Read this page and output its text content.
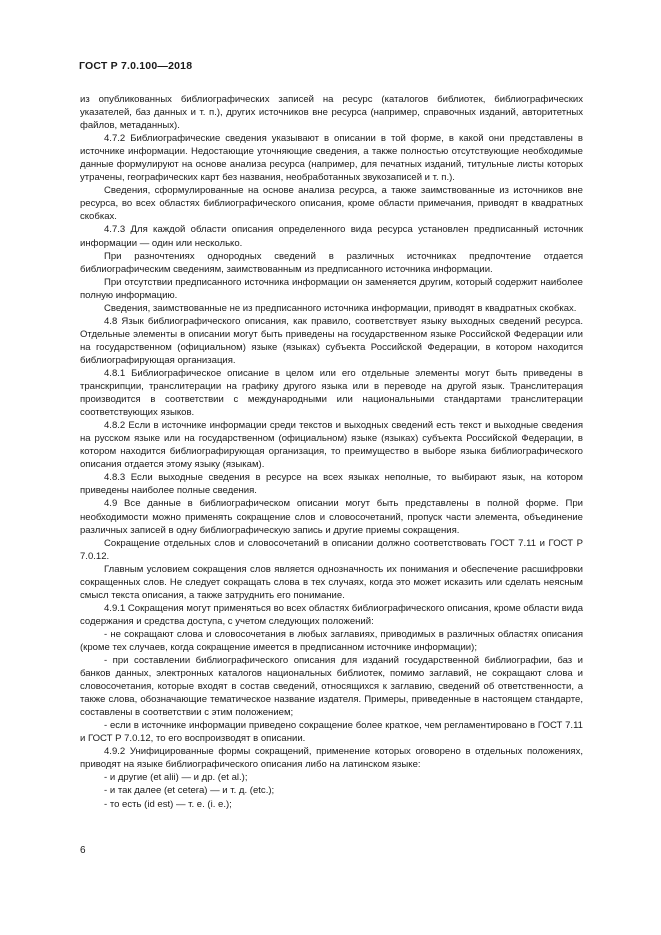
ГОСТ Р 7.0.100—2018

из опубликованных библиографических записей на ресурс (каталогов библиотек, библиографических указателей, баз данных и т. п.), других источников вне ресурса (например, справочных изданий, авторитетных файлов, метаданных).

4.7.2 Библиографические сведения указывают в описании в той форме, в какой они представлены в источнике информации. Недостающие уточняющие сведения, а также полностью отсутствующие необходимые данные формулируют на основе анализа ресурса (например, для печатных изданий, титульные листы которых утрачены, географических карт без названия, необработанных звукозаписей и т. п.).

Сведения, сформулированные на основе анализа ресурса, а также заимствованные из источников вне ресурса, во всех областях библиографического описания, кроме области примечания, приводят в квадратных скобках.

4.7.3 Для каждой области описания определенного вида ресурса установлен предписанный источник информации — один или несколько.

При разночтениях однородных сведений в различных источниках предпочтение отдается библиографическим сведениям, заимствованным из предписанного источника информации.

При отсутствии предписанного источника информации он заменяется другим, который содержит наиболее полную информацию.

Сведения, заимствованные не из предписанного источника информации, приводят в квадратных скобках.

4.8 Язык библиографического описания, как правило, соответствует языку выходных сведений ресурса. Отдельные элементы в описании могут быть приведены на государственном языке Российской Федерации или на государственном (официальном) языке (языках) субъекта Российской Федерации, в котором находится библиографирующая организация.

4.8.1 Библиографическое описание в целом или его отдельные элементы могут быть приведены в транскрипции, транслитерации на графику другого языка или в переводе на другой язык. Транслитерация производится в соответствии с международными или национальными стандартами транслитерации соответствующих языков.

4.8.2 Если в источнике информации среди текстов и выходных сведений есть текст и выходные сведения на русском языке или на государственном (официальном) языке (языках) субъекта Российской Федерации, в котором находится библиографирующая организация, то преимущество в выборе языка библиографического описания отдается этому языку (языкам).

4.8.3 Если выходные сведения в ресурсе на всех языках неполные, то выбирают язык, на котором приведены наиболее полные сведения.

4.9 Все данные в библиографическом описании могут быть представлены в полной форме. При необходимости можно применять сокращение слов и словосочетаний, пропуск части элемента, объединение различных записей в одну библиографическую запись и другие приемы сокращения.

Сокращение отдельных слов и словосочетаний в описании должно соответствовать ГОСТ 7.11 и ГОСТ Р 7.0.12.

Главным условием сокращения слов является однозначность их понимания и обеспечение расшифровки сокращенных слов. Не следует сокращать слова в тех случаях, когда это может исказить или сделать неясным смысл текста описания, а также затруднить его понимание.

4.9.1 Сокращения могут применяться во всех областях библиографического описания, кроме области вида содержания и средства доступа, с учетом следующих положений:

- не сокращают слова и словосочетания в любых заглавиях, приводимых в различных областях описания (кроме тех случаев, когда сокращение имеется в предписанном источнике информации);

- при составлении библиографического описания для изданий государственной библиографии, баз и банков данных, электронных каталогов национальных библиотек, помимо заглавий, не сокращают слова и словосочетания, которые входят в состав сведений, относящихся к заглавию, сведений об ответственности, а также слова, обозначающие тематическое название издателя. Примеры, приведенные в настоящем стандарте, составлены в соответствии с этим положением;

- если в источнике информации приведено сокращение более краткое, чем регламентировано в ГОСТ 7.11 и ГОСТ Р 7.0.12, то его воспроизводят в описании.

4.9.2 Унифицированные формы сокращений, применение которых оговорено в отдельных положениях, приводят на языке библиографического описания либо на латинском языке:

- и другие (et alii) — и др. (et al.);

- и так далее (et cetera) — и т. д. (etc.);

- то есть (id est) — т. е. (i. e.);

6
